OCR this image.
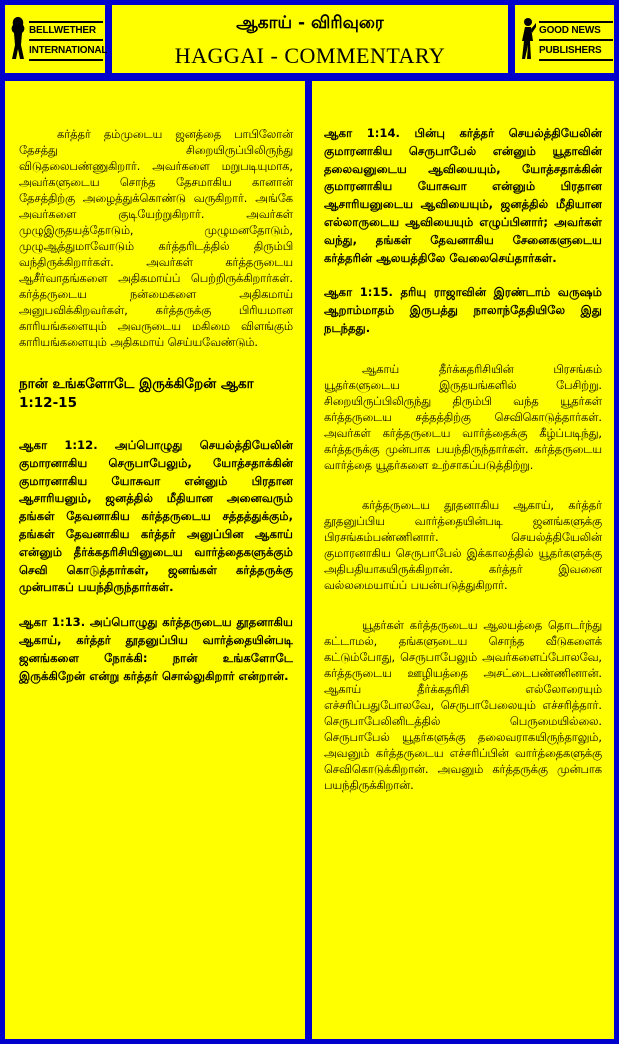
BELLWETHER
INTERNATIONAL
ஆகாய் - விரிவுரை
HAGGAI - COMMENTARY
GOOD NEWS
PUBLISHERS

கர்த்தர் தம்முடைய ஜனத்தை பாபிலோன் தேசத்து சிறையிருப்பிலிருந்து விடுதலைபண்ணுகிறார். அவர்களை மறுபடியுமாக, அவர்களுடைய சொந்த தேசமாகிய கானான் தேசத்திற்கு அழைத்துக்கொண்டு வருகிறார். அங்கே அவர்களை குடியேற்றுகிறார். அவர்கள் முழுஇருதயத்தோடும், முழுமனதோடும், முழுஆத்துமாவோடும் கர்த்தரிடத்தில் திரும்பி வந்திருக்கிறார்கள். அவர்கள் கர்த்தருடைய ஆசீர்வாதங்களை அதிகமாய்ப் பெற்றிருக்கிறார்கள். கர்த்தருடைய நன்மைகளை அதிகமாய் அனுபவிக்கிறவர்கள், கர்த்தருக்கு பிரியமான காரியங்களையும் அவருடைய மகிமை விளங்கும் காரியங்களையும் அதிகமாய் செய்யவேண்டும்.

நான் உங்களோடே இருக்கிறேன் ஆகா 1:12-15

ஆகா 1:12. அப்பொழுது செயல்த்தியேலின் குமாரனாகிய செருபாபேலும், யோத்சதாக்கின் குமாரனாகிய யோசுவா என்னும் பிரதான ஆசாரியனும், ஜனத்தில் மீதியான அனைவரும் தங்கள் தேவனாகிய கர்த்தருடைய சத்தத்துக்கும், தங்கள் தேவனாகிய கர்த்தர் அனுப்பின ஆகாய் என்னும் தீர்க்கதரிசியினுடைய வார்த்தைகளுக்கும் செவி கொடுத்தார்கள், ஜனங்கள் கர்த்தருக்கு முன்பாகப் பயந்திருந்தார்கள்.

ஆகா 1:13. அப்பொழுது கர்த்தருடைய தூதனாகிய ஆகாய், கர்த்தர் தூதனுப்பிய வார்த்தையின்படி ஜனங்களை நோக்கி: நான் உங்களோடே இருக்கிறேன் என்று கர்த்தர் சொல்லுகிறார் என்றான்.

ஆகா 1:14. பின்பு கர்த்தர் செயல்த்தியேலின் குமாரனாகிய செருபாபேல் என்னும் யூதாவின் தலைவனுடைய ஆவியையும், யோத்சதாக்கின் குமாரனாகிய யோசுவா என்னும் பிரதான ஆசாரியனுடைய ஆவியையும், ஜனத்தில் மீதியான எல்லாருடைய ஆவியையும் எழுப்பினார்; அவர்கள் வந்து, தங்கள் தேவனாகிய சேனைகளுடைய கர்த்தரின் ஆலயத்திலே வேலைசெய்தார்கள்.

ஆகா 1:15. தரியு ராஜாவின் இரண்டாம் வருஷம் ஆறாம்மாதம் இருபத்து நாலாந்தேதியிலே இது நடந்தது.

ஆகாய் தீர்க்கதரிசியின் பிரசங்கம் யூதர்களுடைய இருதயங்களில் பேசிற்று. சிறையிருப்பிலிருந்து திரும்பி வந்த யூதர்கள் கர்த்தருடைய சத்தத்திற்கு செவிகொடுத்தார்கள். அவர்கள் கர்த்தருடைய வார்த்தைக்கு கீழ்ப்படிந்து, கர்த்தருக்கு முன்பாக பயந்திருந்தார்கள். கர்த்தருடைய வார்த்தை யூதர்களை உற்சாகப்படுத்திற்று.

கர்த்தருடைய தூதனாகிய ஆகாய், கர்த்தர் தூதனுப்பிய வார்த்தையின்படி ஜனங்களுக்கு பிரசங்கம்பண்ணினார். செயல்த்தியேலின் குமாரனாகிய செருபாபேல் இக்காலத்தில் யூதர்களுக்கு அதிபதியாகயிருக்கிறான். கர்த்தர் இவனை வல்லமையாய்ப் பயன்படுத்துகிறார்.

யூதர்கள் கர்த்தருடைய ஆலயத்தை தொடர்ந்து கட்டாமல், தங்களுடைய சொந்த வீடுகளைக் கட்டும்போது, செருபாபேலும் அவர்களைப்போலவே, கர்த்தருடைய ஊழியத்தை அசட்டைபண்ணினான். ஆகாய் தீர்க்கதரிசி எல்லோரையும் எச்சரிப்பதுபோலவே, செருபாபேலையும் எச்சரித்தார். செருபாபேலினிடத்தில் பெருமையில்லை. செருபாபேல் யூதர்களுக்கு தலைவராகயிருந்தாலும், அவனும் கர்த்தருடைய எச்சரிப்பின் வார்த்தைகளுக்கு செவிகொடுக்கிறான். அவனும் கர்த்தருக்கு முன்பாக பயந்திருக்கிறான்.
